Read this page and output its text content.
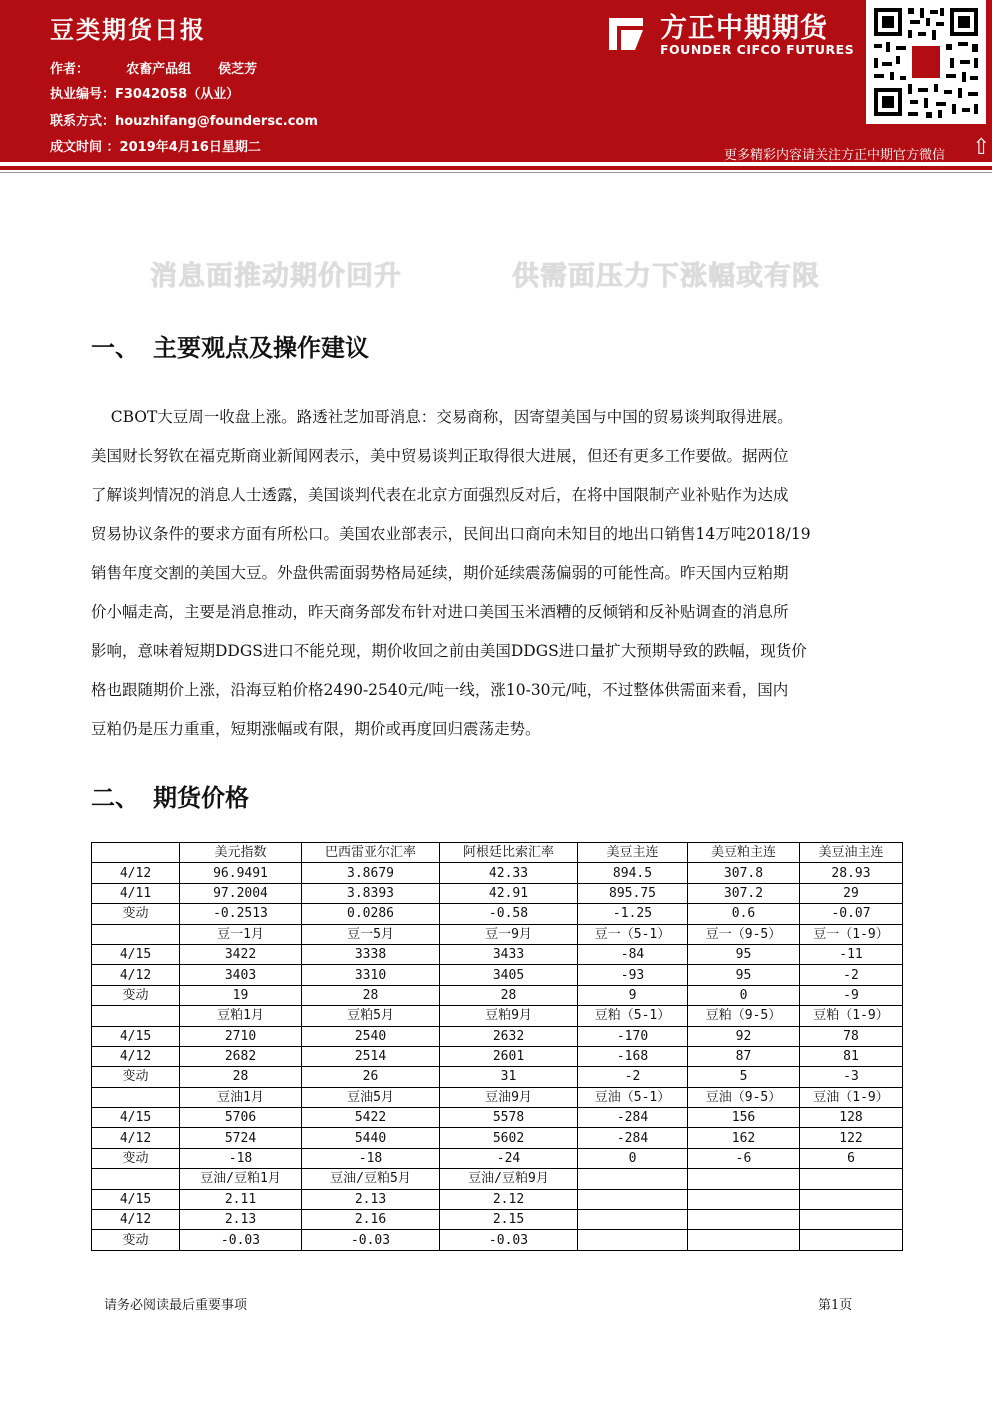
豆类期货日报
作者：	农畜产品组 侯芝芳
执业编号：F3042058（从业）
联系方式：houzhifang@foundersc.com
成文时间 ：2019年4月16日星期二
方正中期期货
FOUNDER CIFCO FUTURES
更多精彩内容请关注方正中期官方微信 ⇧
消息面推动期价回升	供需面压力下涨幅或有限
一、 主要观点及操作建议
CBOT大豆周一收盘上涨。路透社芝加哥消息：交易商称，因寄望美国与中国的贸易谈判取得进展。
美国财长努钦在福克斯商业新闻网表示，美中贸易谈判正取得很大进展，但还有更多工作要做。据两位
了解谈判情况的消息人士透露，美国谈判代表在北京方面强烈反对后，在将中国限制产业补贴作为达成
贸易协议条件的要求方面有所松口。美国农业部表示，民间出口商向未知目的地出口销售14万吨2018/19
销售年度交割的美国大豆。外盘供需面弱势格局延续，期价延续震荡偏弱的可能性高。昨天国内豆粕期
价小幅走高，主要是消息推动，昨天商务部发布针对进口美国玉米酒糟的反倾销和反补贴调查的消息所
影响，意味着短期DDGS进口不能兑现，期价收回之前由美国DDGS进口量扩大预期导致的跌幅，现货价
格也跟随期价上涨，沿海豆粕价格2490-2540元/吨一线，涨10-30元/吨，不过整体供需面来看，国内
豆粕仍是压力重重，短期涨幅或有限，期价或再度回归震荡走势。
二、 期货价格
	美元指数	巴西雷亚尔汇率	阿根廷比索汇率	美豆主连	美豆粕主连	美豆油主连
4/12	96.9491	3.8679	42.33	894.5	307.8	28.93
4/11	97.2004	3.8393	42.91	895.75	307.2	29
变动	-0.2513	0.0286	-0.58	-1.25	0.6	-0.07
	豆一1月	豆一5月	豆一9月	豆一（5-1）	豆一（9-5）	豆一（1-9）
4/15	3422	3338	3433	-84	95	-11
4/12	3403	3310	3405	-93	95	-2
变动	19	28	28	9	0	-9
	豆粕1月	豆粕5月	豆粕9月	豆粕（5-1）	豆粕（9-5）	豆粕（1-9）
4/15	2710	2540	2632	-170	92	78
4/12	2682	2514	2601	-168	87	81
变动	28	26	31	-2	5	-3
	豆油1月	豆油5月	豆油9月	豆油（5-1）	豆油（9-5）	豆油（1-9）
4/15	5706	5422	5578	-284	156	128
4/12	5724	5440	5602	-284	162	122
变动	-18	-18	-24	0	-6	6
	豆油/豆粕1月	豆油/豆粕5月	豆油/豆粕9月			
4/15	2.11	2.13	2.12			
4/12	2.13	2.16	2.15			
变动	-0.03	-0.03	-0.03			
请务必阅读最后重要事项	第1页
